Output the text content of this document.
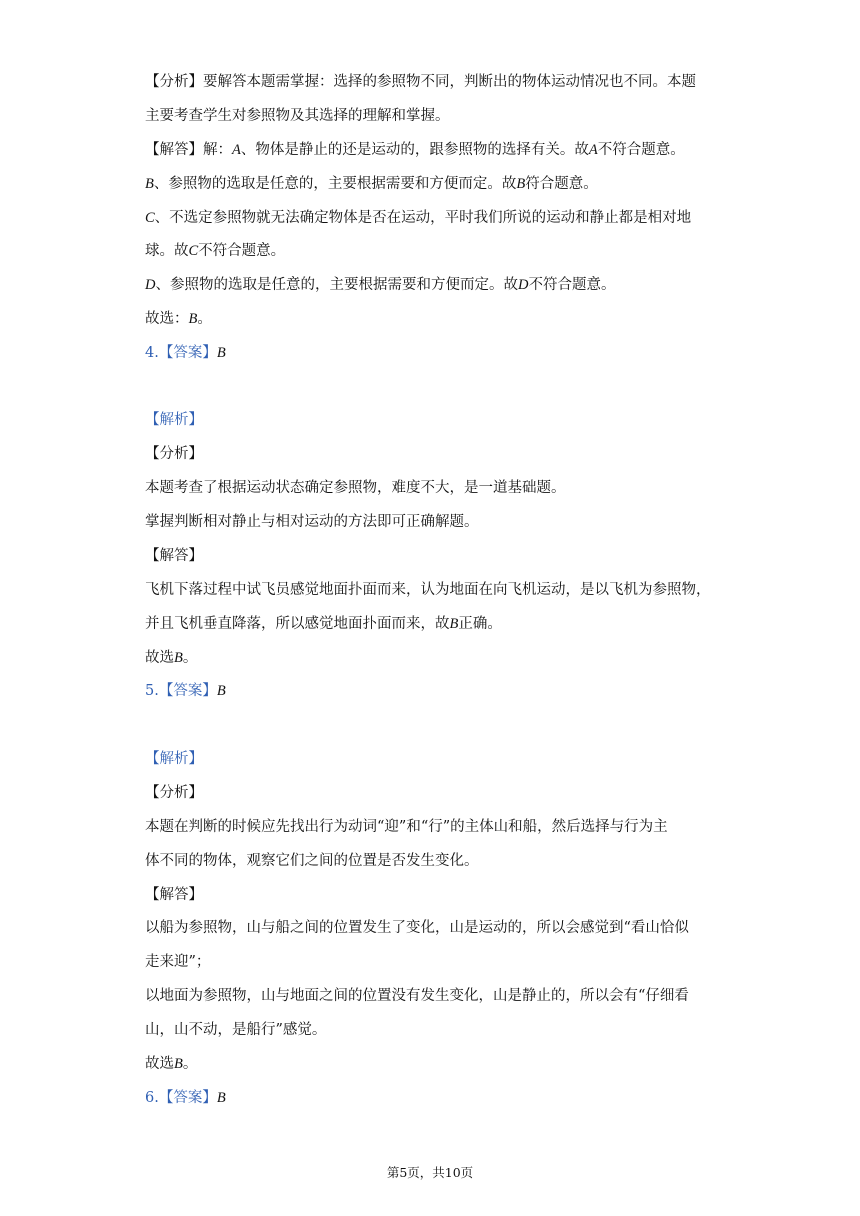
【分析】要解答本题需掌握：选择的参照物不同，判断出的物体运动情况也不同。本题
主要考查学生对参照物及其选择的理解和掌握。
【解答】解：A、物体是静止的还是运动的，跟参照物的选择有关。故A不符合题意。
B、参照物的选取是任意的，主要根据需要和方便而定。故B符合题意。
C、不选定参照物就无法确定物体是否在运动，平时我们所说的运动和静止都是相对地
球。故C不符合题意。
D、参照物的选取是任意的，主要根据需要和方便而定。故D不符合题意。
故选：B。
4.【答案】B
【解析】
【分析】
本题考查了根据运动状态确定参照物，难度不大，是一道基础题。
掌握判断相对静止与相对运动的方法即可正确解题。
【解答】
飞机下落过程中试飞员感觉地面扑面而来，认为地面在向飞机运动，是以飞机为参照物，
并且飞机垂直降落，所以感觉地面扑面而来，故B正确。
故选B。
5.【答案】B
【解析】
【分析】
本题在判断的时候应先找出行为动词“迎”和“行”的主体山和船，然后选择与行为主
体不同的物体，观察它们之间的位置是否发生变化。
【解答】
以船为参照物，山与船之间的位置发生了变化，山是运动的，所以会感觉到“看山恰似
走来迎”；
以地面为参照物，山与地面之间的位置没有发生变化，山是静止的，所以会有“仔细看
山，山不动，是船行”感觉。
故选B。
6.【答案】B
第5页，共10页
